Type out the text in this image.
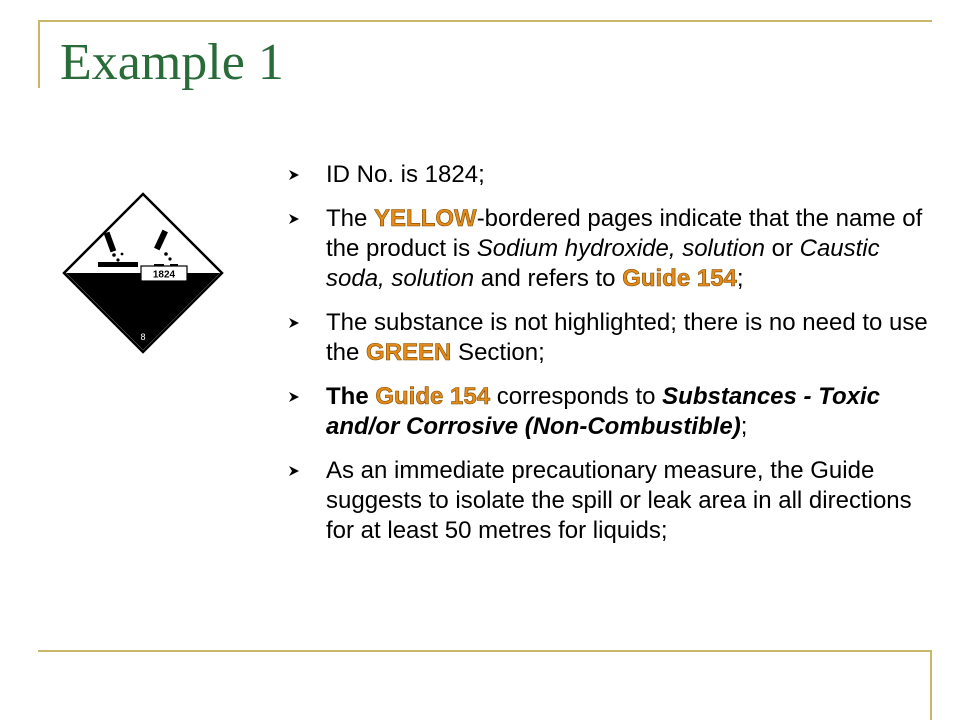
Example 1
1824
8
ID No. is 1824;
The YELLOW-bordered pages indicate that the name of the product is Sodium hydroxide, solution or Caustic soda, solution and refers to Guide 154;
The substance is not highlighted; there is no need to use the GREEN Section;
The Guide 154 corresponds to Substances - Toxic and/or Corrosive (Non-Combustible);
As an immediate precautionary measure, the Guide suggests to isolate the spill or leak area in all directions for at least 50 metres for liquids;
